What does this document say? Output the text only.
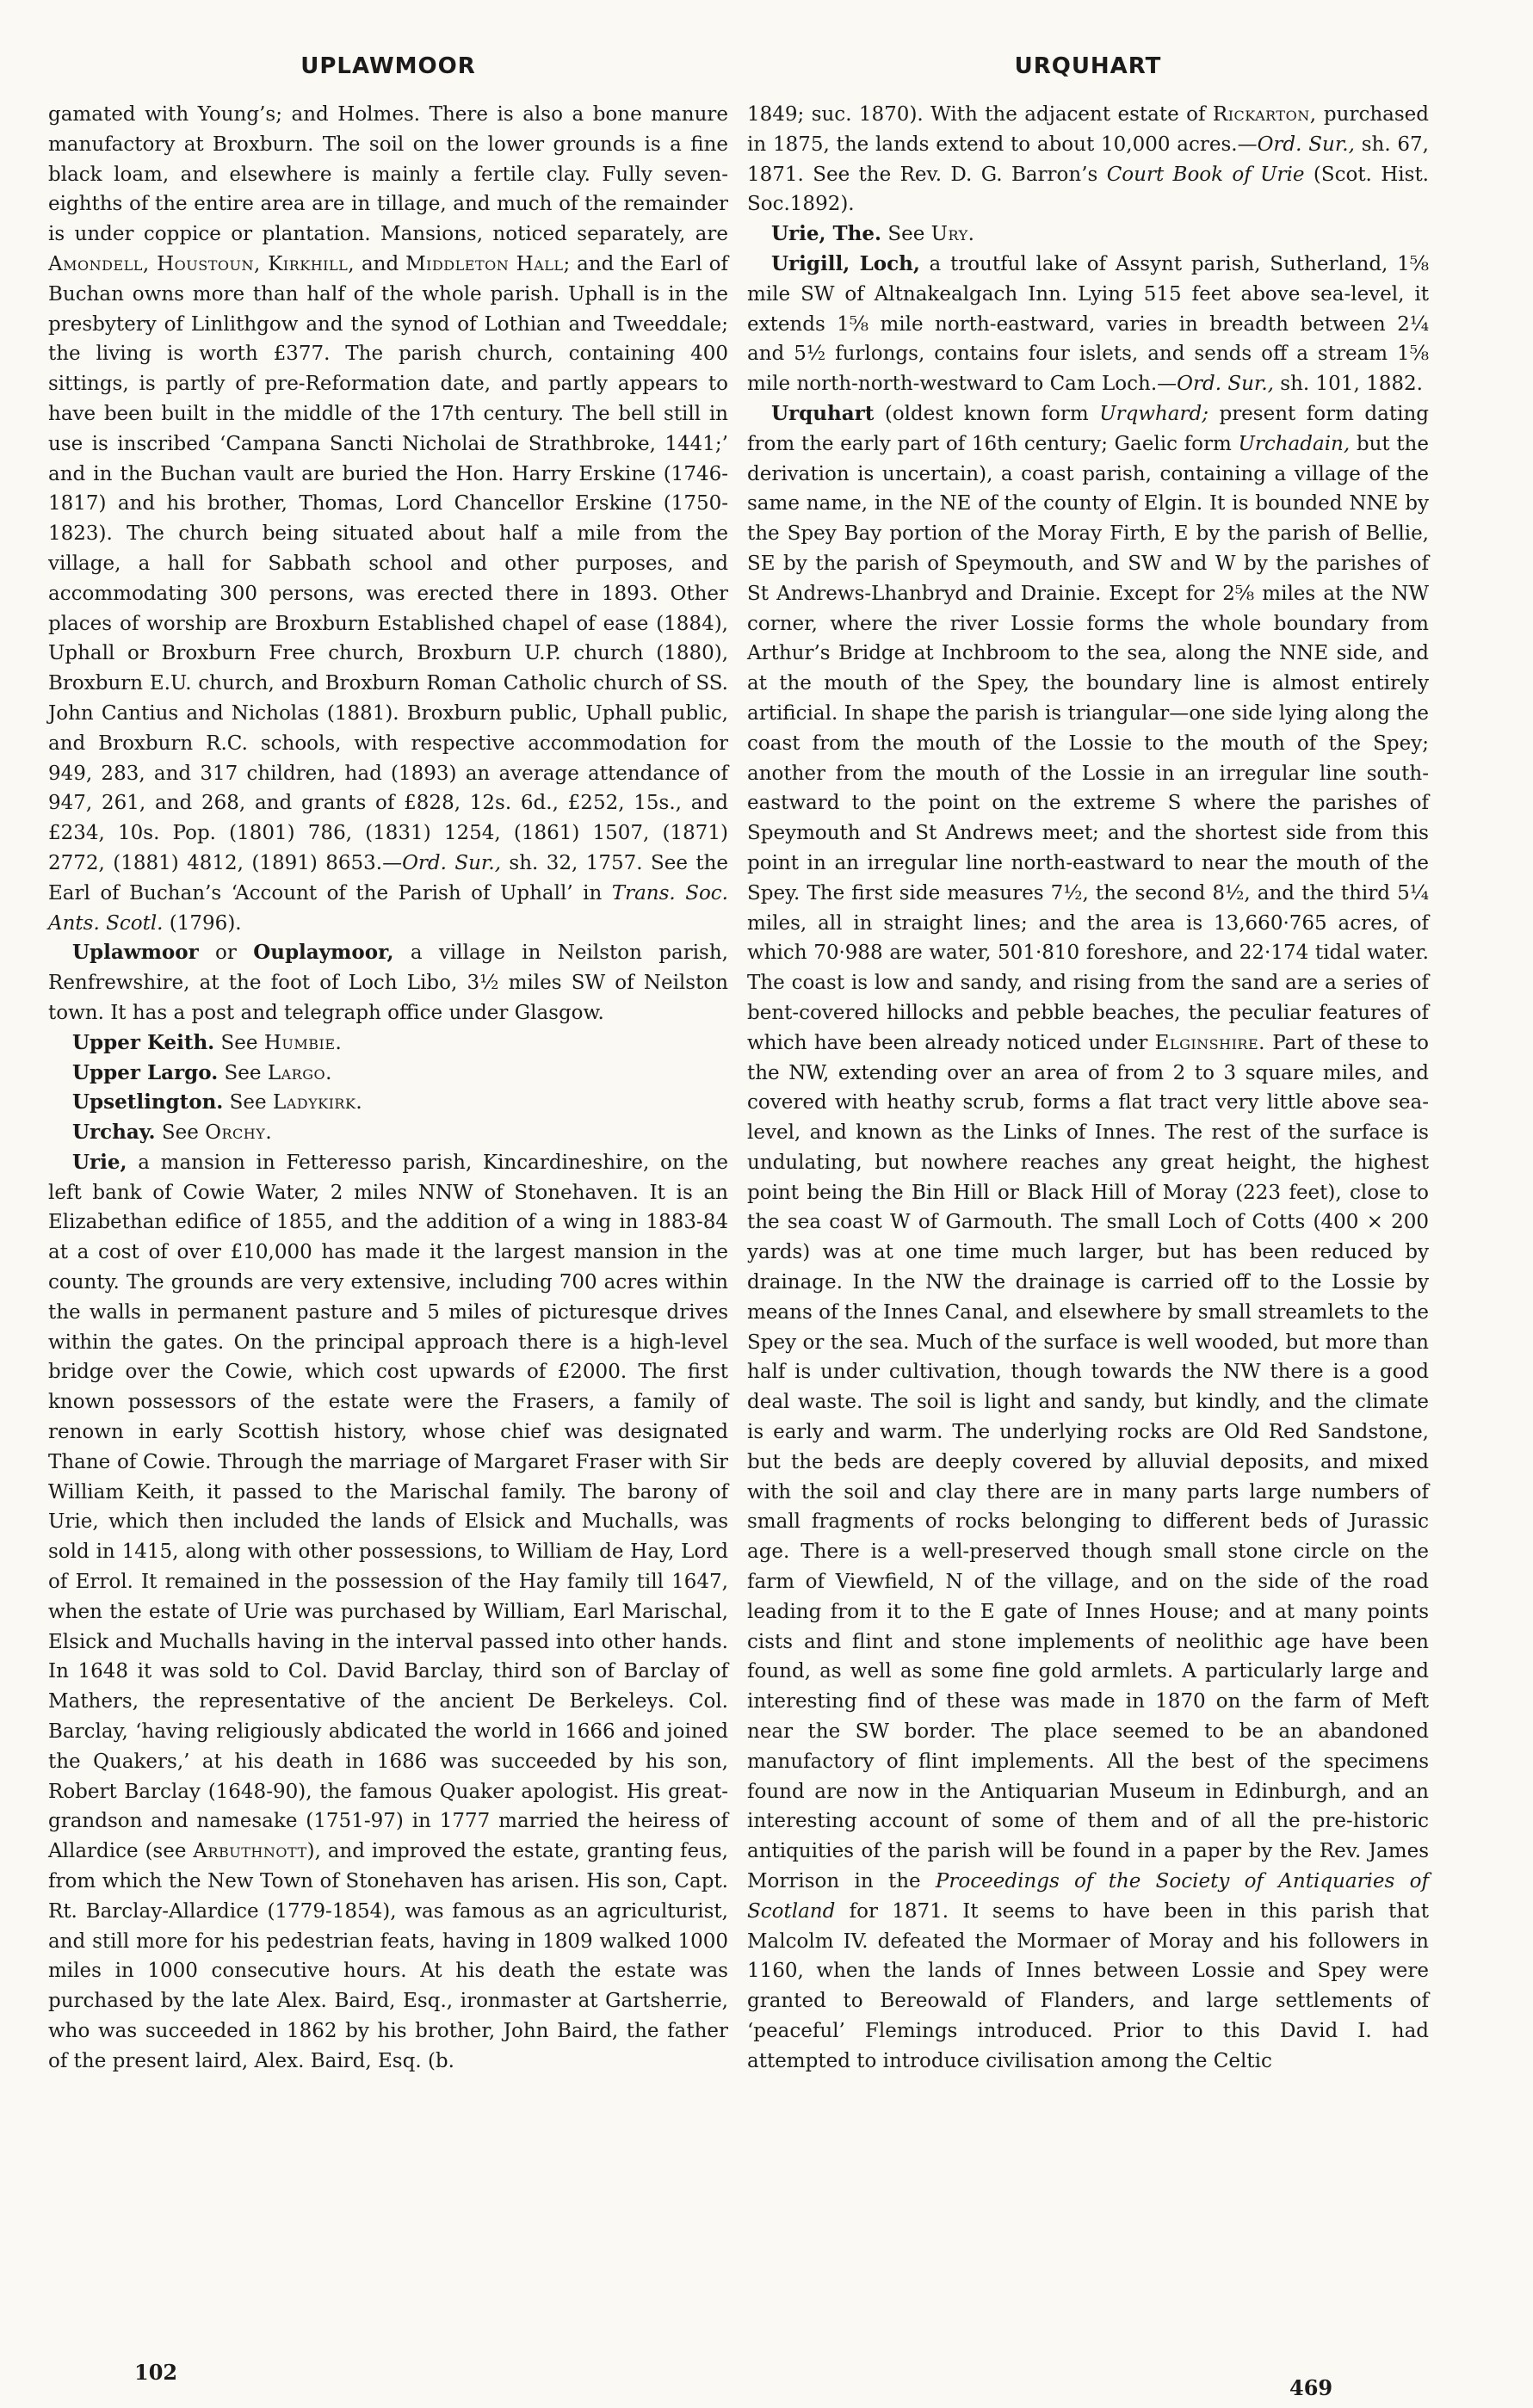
UPLAWMOOR

gamated with Young’s; and Holmes. There is also a bone manure manufactory at Broxburn. The soil on the lower grounds is a fine black loam, and elsewhere is mainly a fertile clay. Fully seven-eighths of the entire area are in tillage, and much of the remainder is under coppice or plantation. Mansions, noticed separately, are Amondell, Houstoun, Kirkhill, and Middleton Hall; and the Earl of Buchan owns more than half of the whole parish. Uphall is in the presbytery of Linlithgow and the synod of Lothian and Tweeddale; the living is worth £377. The parish church, containing 400 sittings, is partly of pre-Reformation date, and partly appears to have been built in the middle of the 17th century. The bell still in use is inscribed ‘Campana Sancti Nicholai de Strathbroke, 1441;’ and in the Buchan vault are buried the Hon. Harry Erskine (1746-1817) and his brother, Thomas, Lord Chancellor Erskine (1750-1823). The church being situated about half a mile from the village, a hall for Sabbath school and other purposes, and accommodating 300 persons, was erected there in 1893. Other places of worship are Broxburn Established chapel of ease (1884), Uphall or Broxburn Free church, Broxburn U.P. church (1880), Broxburn E.U. church, and Broxburn Roman Catholic church of SS. John Cantius and Nicholas (1881). Broxburn public, Uphall public, and Broxburn R.C. schools, with respective accommodation for 949, 283, and 317 children, had (1893) an average attendance of 947, 261, and 268, and grants of £828, 12s. 6d., £252, 15s., and £234, 10s. Pop. (1801) 786, (1831) 1254, (1861) 1507, (1871) 2772, (1881) 4812, (1891) 8653.—Ord. Sur., sh. 32, 1757. See the Earl of Buchan’s ‘Account of the Parish of Uphall’ in Trans. Soc. Ants. Scotl. (1796).

Uplawmoor or Ouplaymoor, a village in Neilston parish, Renfrewshire, at the foot of Loch Libo, 3½ miles SW of Neilston town. It has a post and telegraph office under Glasgow.

Upper Keith. See Humbie.

Upper Largo. See Largo.

Upsetlington. See Ladykirk.

Urchay. See Orchy.

Urie, a mansion in Fetteresso parish, Kincardineshire, on the left bank of Cowie Water, 2 miles NNW of Stonehaven. It is an Elizabethan edifice of 1855, and the addition of a wing in 1883-84 at a cost of over £10,000 has made it the largest mansion in the county. The grounds are very extensive, including 700 acres within the walls in permanent pasture and 5 miles of picturesque drives within the gates. On the principal approach there is a high-level bridge over the Cowie, which cost upwards of £2000. The first known possessors of the estate were the Frasers, a family of renown in early Scottish history, whose chief was designated Thane of Cowie. Through the marriage of Margaret Fraser with Sir William Keith, it passed to the Marischal family. The barony of Urie, which then included the lands of Elsick and Muchalls, was sold in 1415, along with other possessions, to William de Hay, Lord of Errol. It remained in the possession of the Hay family till 1647, when the estate of Urie was purchased by William, Earl Marischal, Elsick and Muchalls having in the interval passed into other hands. In 1648 it was sold to Col. David Barclay, third son of Barclay of Mathers, the representative of the ancient De Berkeleys. Col. Barclay, ‘having religiously abdicated the world in 1666 and joined the Quakers,’ at his death in 1686 was succeeded by his son, Robert Barclay (1648-90), the famous Quaker apologist. His great-grandson and namesake (1751-97) in 1777 married the heiress of Allardice (see Arbuthnott), and improved the estate, granting feus, from which the New Town of Stonehaven has arisen. His son, Capt. Rt. Barclay-Allardice (1779-1854), was famous as an agriculturist, and still more for his pedestrian feats, having in 1809 walked 1000 miles in 1000 consecutive hours. At his death the estate was purchased by the late Alex. Baird, Esq., ironmaster at Gartsherrie, who was succeeded in 1862 by his brother, John Baird, the father of the present laird, Alex. Baird, Esq. (b.

102
URQUHART

1849; suc. 1870). With the adjacent estate of Rickarton, purchased in 1875, the lands extend to about 10,000 acres.—Ord. Sur., sh. 67, 1871. See the Rev. D. G. Barron’s Court Book of Urie (Scot. Hist. Soc.1892).

Urie, The. See Ury.

Urigill, Loch, a troutful lake of Assynt parish, Sutherland, 1⅝ mile SW of Altnakealgach Inn. Lying 515 feet above sea-level, it extends 1⅝ mile north-eastward, varies in breadth between 2¼ and 5½ furlongs, contains four islets, and sends off a stream 1⅝ mile north-north-westward to Cam Loch.—Ord. Sur., sh. 101, 1882.

Urquhart (oldest known form Urqwhard; present form dating from the early part of 16th century; Gaelic form Urchadain, but the derivation is uncertain), a coast parish, containing a village of the same name, in the NE of the county of Elgin. It is bounded NNE by the Spey Bay portion of the Moray Firth, E by the parish of Bellie, SE by the parish of Speymouth, and SW and W by the parishes of St Andrews-Lhanbryd and Drainie. Except for 2⅝ miles at the NW corner, where the river Lossie forms the whole boundary from Arthur’s Bridge at Inchbroom to the sea, along the NNE side, and at the mouth of the Spey, the boundary line is almost entirely artificial. In shape the parish is triangular—one side lying along the coast from the mouth of the Lossie to the mouth of the Spey; another from the mouth of the Lossie in an irregular line south-eastward to the point on the extreme S where the parishes of Speymouth and St Andrews meet; and the shortest side from this point in an irregular line north-eastward to near the mouth of the Spey. The first side measures 7½, the second 8½, and the third 5¼ miles, all in straight lines; and the area is 13,660·765 acres, of which 70·988 are water, 501·810 foreshore, and 22·174 tidal water. The coast is low and sandy, and rising from the sand are a series of bent-covered hillocks and pebble beaches, the peculiar features of which have been already noticed under Elginshire. Part of these to the NW, extending over an area of from 2 to 3 square miles, and covered with heathy scrub, forms a flat tract very little above sea-level, and known as the Links of Innes. The rest of the surface is undulating, but nowhere reaches any great height, the highest point being the Bin Hill or Black Hill of Moray (223 feet), close to the sea coast W of Garmouth. The small Loch of Cotts (400 × 200 yards) was at one time much larger, but has been reduced by drainage. In the NW the drainage is carried off to the Lossie by means of the Innes Canal, and elsewhere by small streamlets to the Spey or the sea. Much of the surface is well wooded, but more than half is under cultivation, though towards the NW there is a good deal waste. The soil is light and sandy, but kindly, and the climate is early and warm. The underlying rocks are Old Red Sandstone, but the beds are deeply covered by alluvial deposits, and mixed with the soil and clay there are in many parts large numbers of small fragments of rocks belonging to different beds of Jurassic age. There is a well-preserved though small stone circle on the farm of Viewfield, N of the village, and on the side of the road leading from it to the E gate of Innes House; and at many points cists and flint and stone implements of neolithic age have been found, as well as some fine gold armlets. A particularly large and interesting find of these was made in 1870 on the farm of Meft near the SW border. The place seemed to be an abandoned manufactory of flint implements. All the best of the specimens found are now in the Antiquarian Museum in Edinburgh, and an interesting account of some of them and of all the pre-historic antiquities of the parish will be found in a paper by the Rev. James Morrison in the Proceedings of the Society of Antiquaries of Scotland for 1871. It seems to have been in this parish that Malcolm IV. defeated the Mormaer of Moray and his followers in 1160, when the lands of Innes between Lossie and Spey were granted to Bereowald of Flanders, and large settlements of ‘peaceful’ Flemings introduced. Prior to this David I. had attempted to introduce civilisation among the Celtic

469
